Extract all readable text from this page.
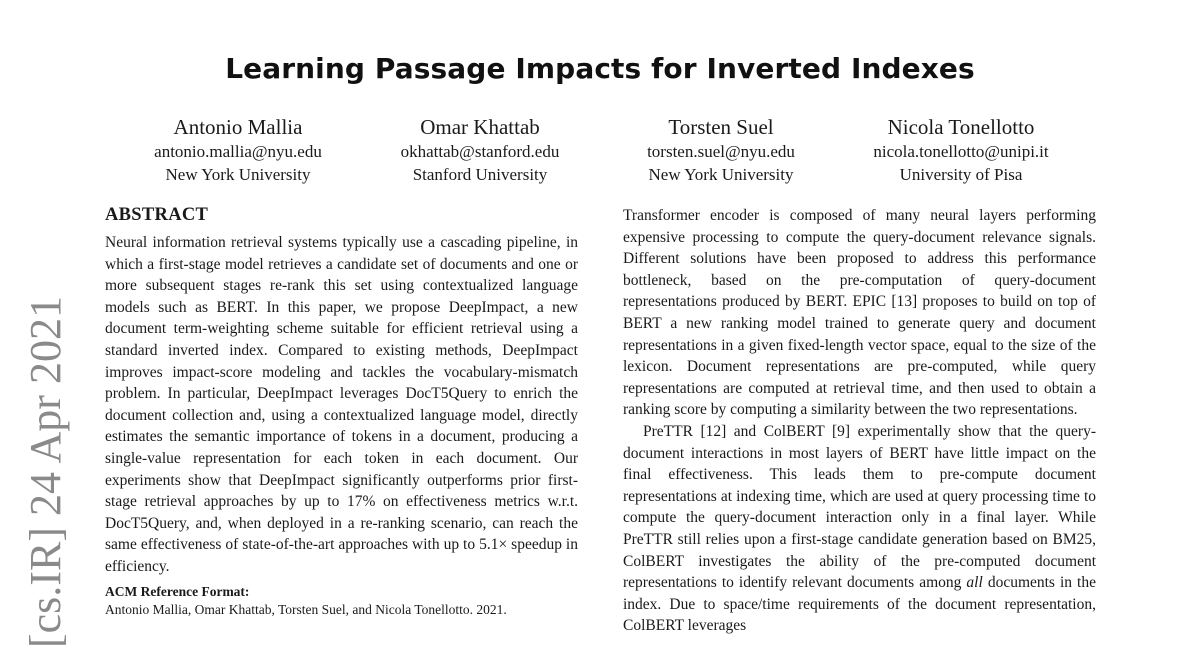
Learning Passage Impacts for Inverted Indexes
Antonio Mallia
antonio.mallia@nyu.edu
New York University
Omar Khattab
okhattab@stanford.edu
Stanford University
Torsten Suel
torsten.suel@nyu.edu
New York University
Nicola Tonellotto
nicola.tonellotto@unipi.it
University of Pisa
[cs.IR] 24 Apr 2021
ABSTRACT

Neural information retrieval systems typically use a cascading pipeline, in which a first-stage model retrieves a candidate set of documents and one or more subsequent stages re-rank this set using contextualized language models such as BERT. In this paper, we propose DeepImpact, a new document term-weighting scheme suitable for efficient retrieval using a standard inverted index. Compared to existing methods, DeepImpact improves impact-score modeling and tackles the vocabulary-mismatch problem. In particular, DeepImpact leverages DocT5Query to enrich the document collection and, using a contextualized language model, directly estimates the semantic importance of tokens in a document, producing a single-value representation for each token in each document. Our experiments show that DeepImpact significantly outperforms prior first-stage retrieval approaches by up to 17% on effectiveness metrics w.r.t. DocT5Query, and, when deployed in a re-ranking scenario, can reach the same effectiveness of state-of-the-art approaches with up to 5.1× speedup in efficiency.

ACM Reference Format:
Antonio Mallia, Omar Khattab, Torsten Suel, and Nicola Tonellotto. 2021.

Transformer encoder is composed of many neural layers performing expensive processing to compute the query-document relevance signals. Different solutions have been proposed to address this performance bottleneck, based on the pre-computation of query-document representations produced by BERT. EPIC [13] proposes to build on top of BERT a new ranking model trained to generate query and document representations in a given fixed-length vector space, equal to the size of the lexicon. Document representations are pre-computed, while query representations are computed at retrieval time, and then used to obtain a ranking score by computing a similarity between the two representations.

PreTTR [12] and ColBERT [9] experimentally show that the query-document interactions in most layers of BERT have little impact on the final effectiveness. This leads them to pre-compute document representations at indexing time, which are used at query processing time to compute the query-document interaction only in a final layer. While PreTTR still relies upon a first-stage candidate generation based on BM25, ColBERT investigates the ability of the pre-computed document representations to identify relevant documents among all documents in the index. Due to space/time requirements of the document representation, ColBERT leverages
